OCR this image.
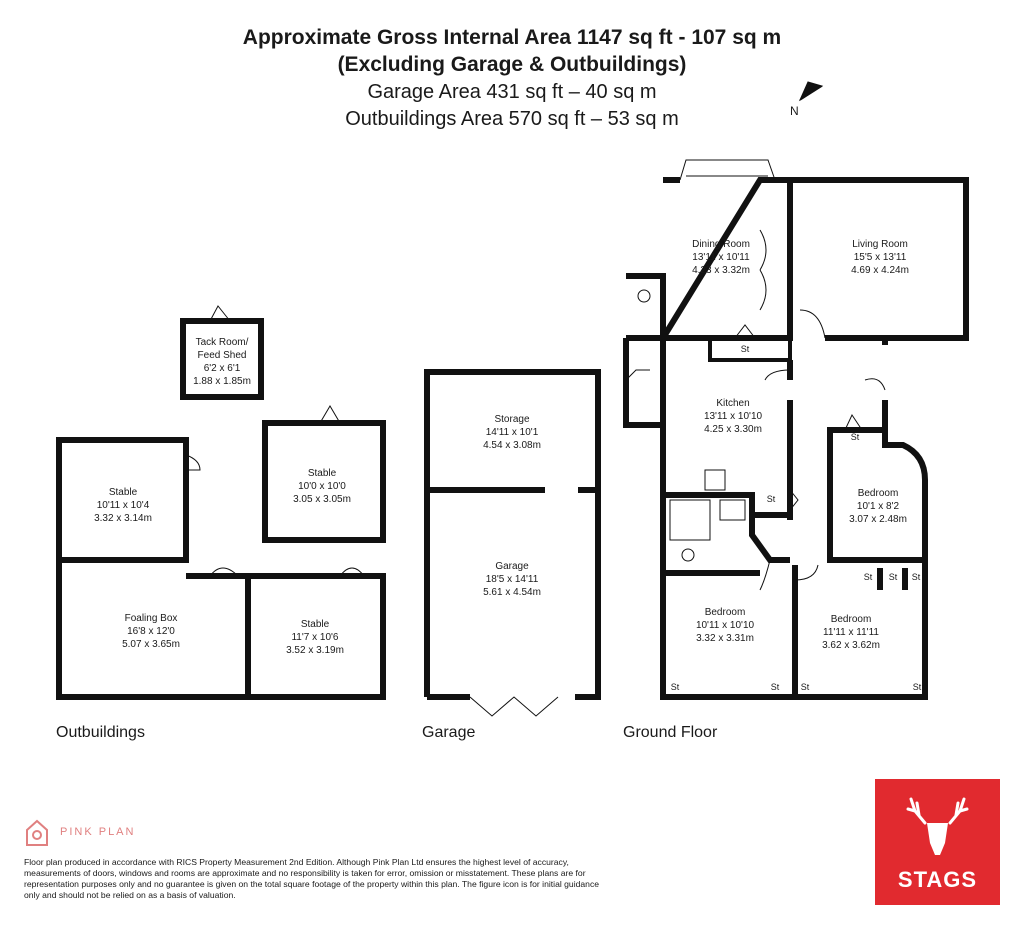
Approximate Gross Internal Area 1147 sq ft - 107 sq m
(Excluding Garage & Outbuildings)
Garage Area 431 sq ft – 40 sq m
Outbuildings Area 570 sq ft – 53 sq m
Tack Room/
Feed Shed
6'2 x 6'1
1.88 x 1.85m
Stable
10'11 x 10'4
3.32 x 3.14m
Stable
10'0 x 10'0
3.05 x 3.05m
Foaling Box
16'8 x 12'0
5.07 x 3.65m
Stable
11'7 x 10'6
3.52 x 3.19m
Storage
14'11 x 10'1
4.54 x 3.08m
Garage
18'5 x 14'11
5.61 x 4.54m
Dining Room
13'11 x 10'11
4.23 x 3.32m
Living Room
15'5 x 13'11
4.69 x 4.24m
Kitchen
13'11 x 10'10
4.25 x 3.30m
Bedroom
10'1 x 8'2
3.07 x 2.48m
Bedroom
10'11 x 10'10
3.32 x 3.31m
Bedroom
11'11 x 11'11
3.62 x 3.62m
St
St
St
St St St
St	St St	St
N
Outbuildings	Garage	Ground Floor
PINK PLAN
Floor plan produced in accordance with RICS Property Measurement 2nd Edition. Although Pink Plan Ltd ensures the highest level of accuracy, measurements of doors, windows and rooms are approximate and no responsibility is taken for error, omission or misstatement. These plans are for representation purposes only and no guarantee is given on the total square footage of the property within this plan. The figure icon is for initial guidance only and should not be relied on as a basis of valuation.
STAGS
